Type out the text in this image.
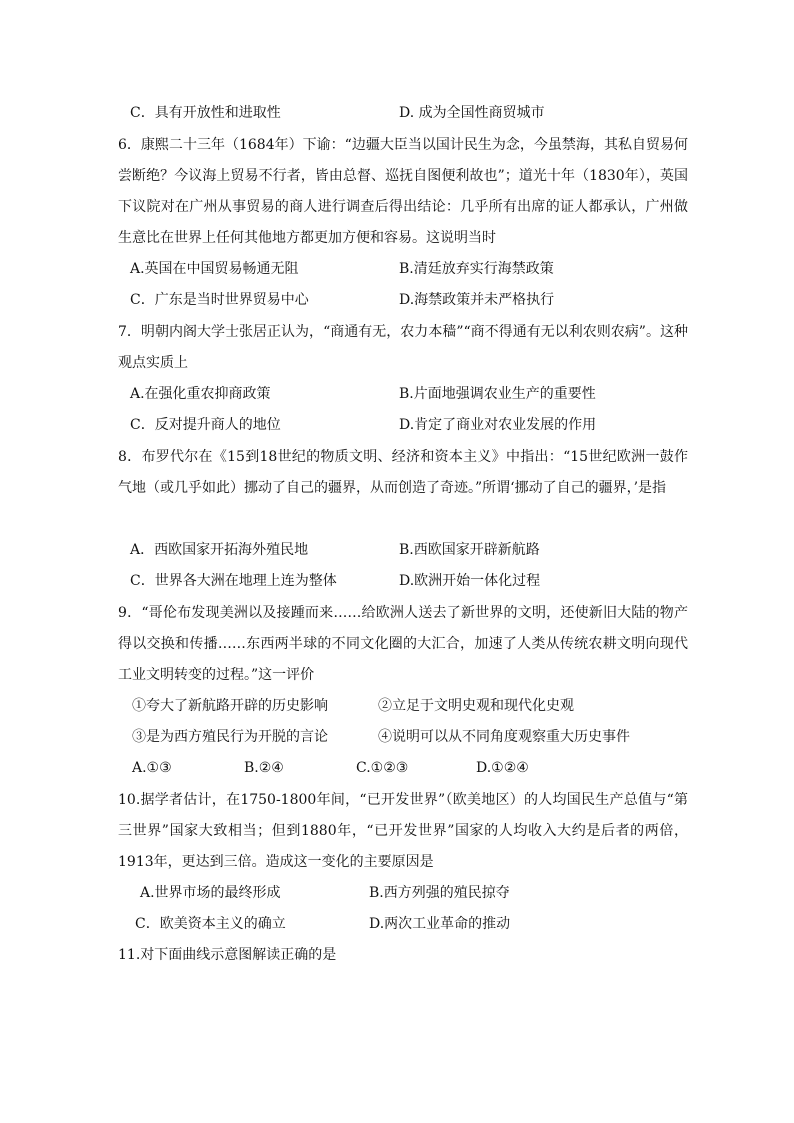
C．具有开放性和进取性	D. 成为全国性商贸城市
6．康熙二十三年（1684年）下谕：“边疆大臣当以国计民生为念，今虽禁海，其私自贸易何尝断绝？今议海上贸易不行者，皆由总督、巡抚自图便利故也”；道光十年（1830年），英国下议院对在广州从事贸易的商人进行调查后得出结论：几乎所有出席的证人都承认，广州做生意比在世界上任何其他地方都更加方便和容易。这说明当时
A.英国在中国贸易畅通无阻	B.清廷放弃实行海禁政策
C．广东是当时世界贸易中心	D.海禁政策并未严格执行
7．明朝内阁大学士张居正认为，“商通有无，农力本穑”“商不得通有无以利农则农病”。这种观点实质上
A.在强化重农抑商政策	B.片面地强调农业生产的重要性
C．反对提升商人的地位	D.肯定了商业对农业发展的作用
8．布罗代尔在《15到18世纪的物质文明、经济和资本主义》中指出：“15世纪欧洲一鼓作气地（或几乎如此）挪动了自己的疆界，从而创造了奇迹。”所谓‘挪动了自己的疆界，’是指
A．西欧国家开拓海外殖民地	B.西欧国家开辟新航路
C．世界各大洲在地理上连为整体	D.欧洲开始一体化过程
9．“哥伦布发现美洲以及接踵而来……给欧洲人送去了新世界的文明，还使新旧大陆的物产得以交换和传播……东西两半球的不同文化圈的大汇合，加速了人类从传统农耕文明向现代工业文明转变的过程。”这一评价
①夸大了新航路开辟的历史影响	②立足于文明史观和现代化史观
③是为西方殖民行为开脱的言论	④说明可以从不同角度观察重大历史事件
A.①③	B.②④	C.①②③	D.①②④
10.据学者估计，在1750-1800年间，“已开发世界”（欧美地区）的人均国民生产总值与“第三世界”国家大致相当；但到1880年，“已开发世界”国家的人均收入大约是后者的两倍，1913年，更达到三倍。造成这一变化的主要原因是
A.世界市场的最终形成	B.西方列强的殖民掠夺
C．欧美资本主义的确立	D.两次工业革命的推动
11.对下面曲线示意图解读正确的是
